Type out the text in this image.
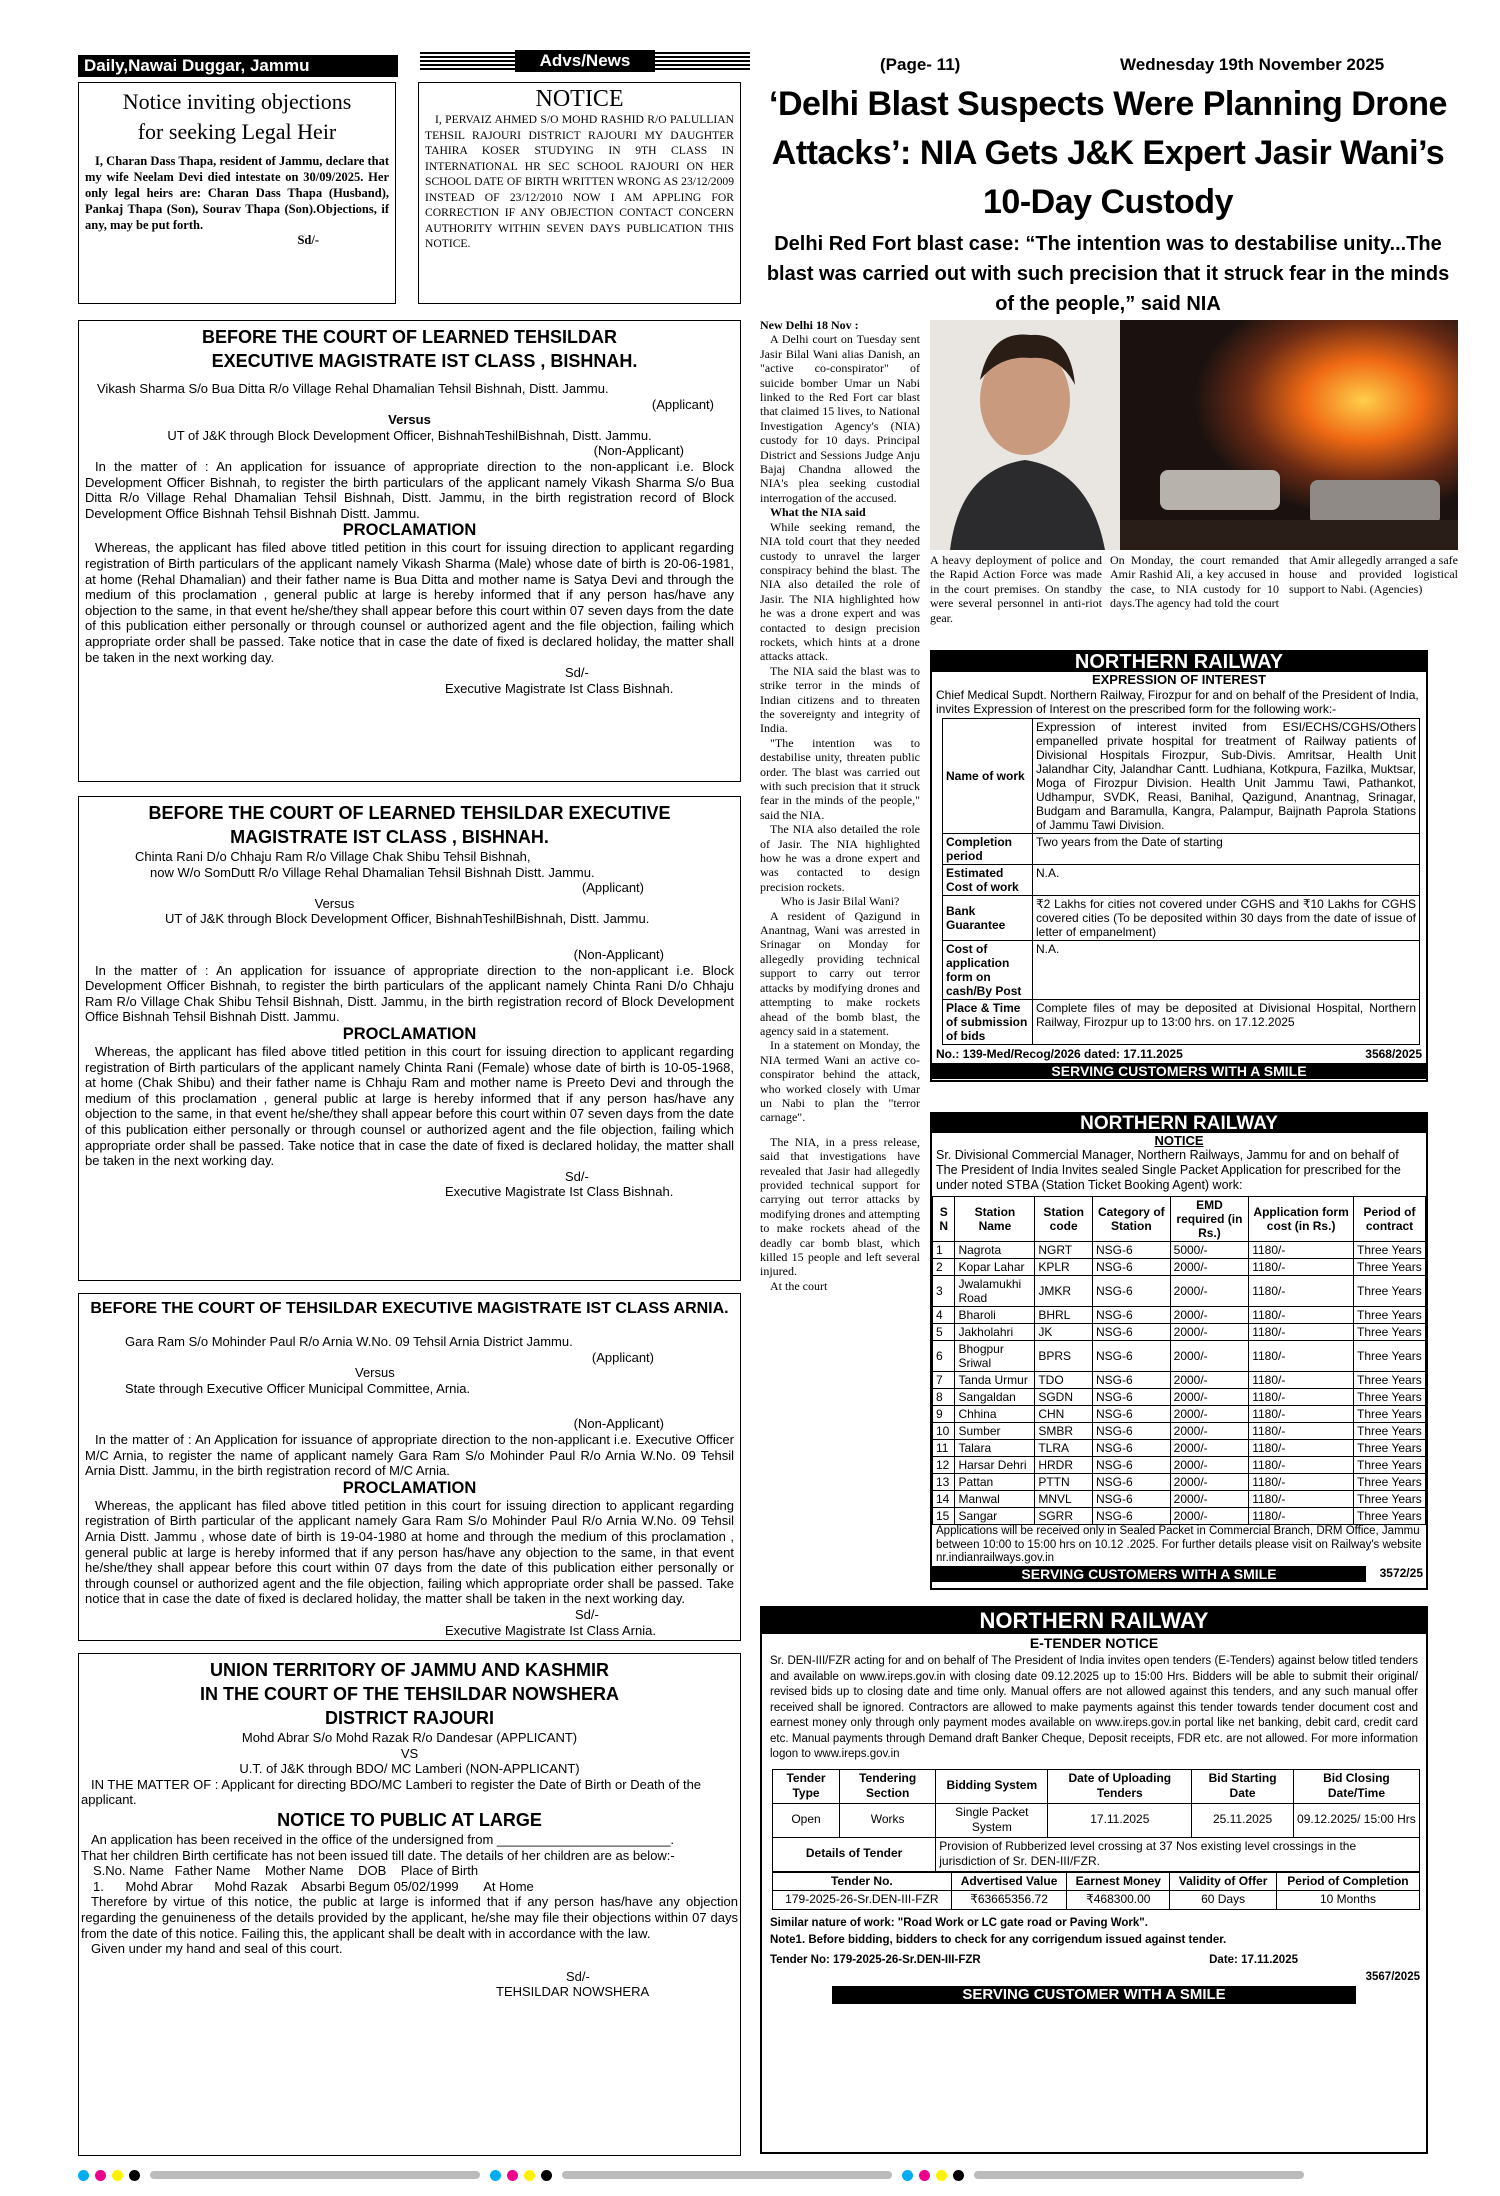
Daily,Nawai Duggar, Jammu	Advs/News	(Page- 11)	Wednesday 19th November 2025
Notice inviting objections
for seeking Legal Heir

I, Charan Dass Thapa, resident of Jammu, declare that my wife Neelam Devi died intestate on 30/09/2025. Her only legal heirs are: Charan Dass Thapa (Husband), Pankaj Thapa (Son), Sourav Thapa (Son).Objections, if any, may be put forth.

Sd/-

NOTICE

I, PERVAIZ AHMED S/O MOHD RASHID R/O PALULLIAN TEHSIL RAJOURI DISTRICT RAJOURI MY DAUGHTER TAHIRA KOSER STUDYING IN 9TH CLASS IN INTERNATIONAL HR SEC SCHOOL RAJOURI ON HER SCHOOL DATE OF BIRTH WRITTEN WRONG AS 23/12/2009 INSTEAD OF 23/12/2010 NOW I AM APPLING FOR CORRECTION IF ANY OBJECTION CONTACT CONCERN AUTHORITY WITHIN SEVEN DAYS PUBLICATION THIS NOTICE.

BEFORE THE COURT OF LEARNED TEHSILDAR
EXECUTIVE MAGISTRATE IST CLASS , BISHNAH.

Vikash Sharma S/o Bua Ditta R/o Village Rehal Dhamalian Tehsil Bishnah, Distt. Jammu.

(Applicant)

Versus

UT of J&K through Block Development Officer, BishnahTeshilBishnah, Distt. Jammu.

(Non-Applicant)

In the matter of : An application for issuance of appropriate direction to the non-applicant i.e. Block Development Officer Bishnah, to register the birth particulars of the applicant namely Vikash Sharma S/o Bua Ditta R/o Village Rehal Dhamalian Tehsil Bishnah, Distt. Jammu, in the birth registration record of Block Development Office Bishnah Tehsil Bishnah Distt. Jammu.

PROCLAMATION

Whereas, the applicant has filed above titled petition in this court for issuing direction to applicant regarding registration of Birth particulars of the applicant namely Vikash Sharma (Male) whose date of birth is 20-06-1981, at home (Rehal Dhamalian) and their father name is Bua Ditta and mother name is Satya Devi and through the medium of this proclamation , general public at large is hereby informed that if any person has/have any objection to the same, in that event he/she/they shall appear before this court within 07 seven days from the date of this publication either personally or through counsel or authorized agent and the file objection, failing which appropriate order shall be passed. Take notice that in case the date of fixed is declared holiday, the matter shall be taken in the next working day.

Sd/-

Executive Magistrate Ist Class Bishnah.

BEFORE THE COURT OF LEARNED TEHSILDAR EXECUTIVE
MAGISTRATE IST CLASS , BISHNAH.

Chinta Rani D/o Chhaju Ram R/o Village Chak Shibu Tehsil Bishnah,

now W/o SomDutt R/o Village Rehal Dhamalian Tehsil Bishnah Distt. Jammu.

(Applicant)

Versus

UT of J&K through Block Development Officer, BishnahTeshilBishnah, Distt. Jammu.

(Non-Applicant)

In the matter of : An application for issuance of appropriate direction to the non-applicant i.e. Block Development Officer Bishnah, to register the birth particulars of the applicant namely Chinta Rani D/o Chhaju Ram R/o Village Chak Shibu Tehsil Bishnah, Distt. Jammu, in the birth registration record of Block Development Office Bishnah Tehsil Bishnah Distt. Jammu.

PROCLAMATION

Whereas, the applicant has filed above titled petition in this court for issuing direction to applicant regarding registration of Birth particulars of the applicant namely Chinta Rani (Female) whose date of birth is 10-05-1968, at home (Chak Shibu) and their father name is Chhaju Ram and mother name is Preeto Devi and through the medium of this proclamation , general public at large is hereby informed that if any person has/have any objection to the same, in that event he/she/they shall appear before this court within 07 seven days from the date of this publication either personally or through counsel or authorized agent and the file objection, failing which appropriate order shall be passed. Take notice that in case the date of fixed is declared holiday, the matter shall be taken in the next working day.

Sd/-

Executive Magistrate Ist Class Bishnah.

BEFORE THE COURT OF TEHSILDAR EXECUTIVE MAGISTRATE IST CLASS ARNIA.

Gara Ram S/o Mohinder Paul R/o Arnia W.No. 09 Tehsil Arnia District Jammu.

(Applicant)

Versus

State through Executive Officer Municipal Committee, Arnia.

(Non-Applicant)

In the matter of : An Application for issuance of appropriate direction to the non-applicant i.e. Executive Officer M/C Arnia, to register the name of applicant namely Gara Ram S/o Mohinder Paul R/o Arnia W.No. 09 Tehsil Arnia Distt. Jammu, in the birth registration record of M/C Arnia.

PROCLAMATION

Whereas, the applicant has filed above titled petition in this court for issuing direction to applicant regarding registration of Birth particular of the applicant namely Gara Ram S/o Mohinder Paul R/o Arnia W.No. 09 Tehsil Arnia Distt. Jammu , whose date of birth is 19-04-1980 at home and through the medium of this proclamation , general public at large is hereby informed that if any person has/have any objection to the same, in that event he/she/they shall appear before this court within 07 days from the date of this publication either personally or through counsel or authorized agent and the file objection, failing which appropriate order shall be passed. Take notice that in case the date of fixed is declared holiday, the matter shall be taken in the next working day.

Sd/-

Executive Magistrate Ist Class Arnia.

UNION TERRITORY OF JAMMU AND KASHMIR
IN THE COURT OF THE TEHSILDAR NOWSHERA
DISTRICT RAJOURI

Mohd Abrar S/o Mohd Razak R/o Dandesar (APPLICANT)

VS

U.T. of J&K through BDO/ MC Lamberi (NON-APPLICANT)

IN THE MATTER OF : Applicant for directing BDO/MC Lamberi to register the Date of Birth or Death of the applicant.

NOTICE TO PUBLIC AT LARGE

An application has been received in the office of the undersigned from ________________________.

That her children Birth certificate has not been issued till date. The details of her children are as below:-

S.No. Name   Father Name    Mother Name    DOB    Place of Birth

1.      Mohd Abrar      Mohd Razak    Absarbi Begum 05/02/1999       At Home

Therefore by virtue of this notice, the public at large is informed that if any person has/have any objection regarding the genuineness of the details provided by the applicant, he/she may file their objections within 07 days from the date of this notice. Failing this, the applicant shall be dealt with in accordance with the law.

Given under my hand and seal of this court.

Sd/-

TEHSILDAR NOWSHERA

‘Delhi Blast Suspects Were Planning Drone Attacks’: NIA Gets J&K Expert Jasir Wani’s 10-Day Custody
Delhi Red Fort blast case: “The intention was to destabilise unity...The blast was carried out with such precision that it struck fear in the minds of the people,” said NIA

New Delhi 18 Nov :

A Delhi court on Tuesday sent Jasir Bilal Wani alias Danish, an "active co-conspirator" of suicide bomber Umar un Nabi linked to the Red Fort car blast that claimed 15 lives, to National Investigation Agency's (NIA) custody for 10 days. Principal District and Sessions Judge Anju Bajaj Chandna allowed the NIA's plea seeking custodial interrogation of the accused.

What the NIA said

While seeking remand, the NIA told court that they needed custody to unravel the larger conspiracy behind the blast. The NIA also detailed the role of Jasir. The NIA highlighted how he was a drone expert and was contacted to design precision rockets, which hints at a drone attacks attack.

The NIA said the blast was to strike terror in the minds of Indian citizens and to threaten the sovereignty and integrity of India.

"The intention was to destabilise unity, threaten public order. The blast was carried out with such precision that it struck fear in the minds of the people," said the NIA.

The NIA also detailed the role of Jasir. The NIA highlighted how he was a drone expert and was contacted to design precision rockets.

Who is Jasir Bilal Wani?

A resident of Qazigund in Anantnag, Wani was arrested in Srinagar on Monday for allegedly providing technical support to carry out terror attacks by modifying drones and attempting to make rockets ahead of the bomb blast, the agency said in a statement.

In a statement on Monday, the NIA termed Wani an active co-conspirator behind the attack, who worked closely with Umar un Nabi to plan the "terror carnage".

The NIA, in a press release, said that investigations have revealed that Jasir had allegedly provided technical support for carrying out terror attacks by modifying drones and attempting to make rockets ahead of the deadly car bomb blast, which killed 15 people and left several injured.

At the court

A heavy deployment of police and the Rapid Action Force was made in the court premises. On standby were several personnel in anti-riot gear.
On Monday, the court remanded Amir Rashid Ali, a key accused in the case, to NIA custody for 10 days.The agency had told the court that Amir allegedly arranged a safe house and provided logistical support to Nabi. (Agencies)
NORTHERN RAILWAY
EXPRESSION OF INTEREST

Chief Medical Supdt. Northern Railway, Firozpur for and on behalf of the President of India, invites Expression of Interest on the prescribed form for the following work:-

Name of work	Expression of interest invited from ESI/ECHS/CGHS/Others empanelled private hospital for treatment of Railway patients of Divisional Hospitals Firozpur, Sub-Divis. Amritsar, Health Unit Jalandhar City, Jalandhar Cantt. Ludhiana, Kotkpura, Fazilka, Muktsar, Moga of Firozpur Division. Health Unit Jammu Tawi, Pathankot, Udhampur, SVDK, Reasi, Banihal, Qazigund, Anantnag, Srinagar, Budgam and Baramulla, Kangra, Palampur, Baijnath Paprola Stations of Jammu Tawi Division.
Completion period	Two years from the Date of starting
Estimated Cost of work	N.A.
Bank Guarantee	₹2 Lakhs for cities not covered under CGHS and ₹10 Lakhs for CGHS covered cities (To be deposited within 30 days from the date of issue of letter of empanelment)
Cost of application form on cash/By Post	N.A.
Place & Time of submission of bids	Complete files of may be deposited at Divisional Hospital, Northern Railway, Firozpur up to 13:00 hrs. on 17.12.2025
No.: 139-Med/Recog/2026 dated: 17.11.2025	3568/2025
SERVING CUSTOMERS WITH A SMILE
NORTHERN RAILWAY
NOTICE

Sr. Divisional Commercial Manager, Northern Railways, Jammu for and on behalf of The President of India Invites sealed Single Packet Application for prescribed for the under noted STBA (Station Ticket Booking Agent) work:

S N	Station Name	Station code	Category of Station	EMD required (in Rs.)	Application form cost (in Rs.)	Period of contract
1	Nagrota	NGRT	NSG-6	5000/-	1180/-	Three Years
2	Kopar Lahar	KPLR	NSG-6	2000/-	1180/-	Three Years
3	Jwalamukhi Road	JMKR	NSG-6	2000/-	1180/-	Three Years
4	Bharoli	BHRL	NSG-6	2000/-	1180/-	Three Years
5	Jakholahri	JK	NSG-6	2000/-	1180/-	Three Years
6	Bhogpur Sriwal	BPRS	NSG-6	2000/-	1180/-	Three Years
7	Tanda Urmur	TDO	NSG-6	2000/-	1180/-	Three Years
8	Sangaldan	SGDN	NSG-6	2000/-	1180/-	Three Years
9	Chhina	CHN	NSG-6	2000/-	1180/-	Three Years
10	Sumber	SMBR	NSG-6	2000/-	1180/-	Three Years
11	Talara	TLRA	NSG-6	2000/-	1180/-	Three Years
12	Harsar Dehri	HRDR	NSG-6	2000/-	1180/-	Three Years
13	Pattan	PTTN	NSG-6	2000/-	1180/-	Three Years
14	Manwal	MNVL	NSG-6	2000/-	1180/-	Three Years
15	Sangar	SGRR	NSG-6	2000/-	1180/-	Three Years

Applications will be received only in Sealed Packet in Commercial Branch, DRM Office, Jammu between 10:00 to 15:00 hrs on 10.12 .2025. For further details please visit on Railway's website nr.indianrailways.gov.in

SERVING CUSTOMERS WITH A SMILE	3572/25
NORTHERN RAILWAY
E-TENDER NOTICE

Sr. DEN-III/FZR acting for and on behalf of The President of India invites open tenders (E-Tenders) against below titled tenders and available on www.ireps.gov.in with closing date 09.12.2025 up to 15:00 Hrs. Bidders will be able to submit their original/ revised bids up to closing date and time only. Manual offers are not allowed against this tenders, and any such manual offer received shall be ignored. Contractors are allowed to make payments against this tender towards tender document cost and earnest money only through only payment modes available on www.ireps.gov.in portal like net banking, debit card, credit card etc. Manual payments through Demand draft Banker Cheque, Deposit receipts, FDR etc. are not allowed. For more information logon to www.ireps.gov.in

Tender Type	Tendering Section	Bidding System	Date of Uploading Tenders	Bid Starting Date	Bid Closing Date/Time
Open	Works	Single Packet System	17.11.2025	25.11.2025	09.12.2025/ 15:00 Hrs
Details of Tender		Provision of Rubberized level crossing at 37 Nos existing level crossings in the jurisdiction of Sr. DEN-III/FZR.			
Tender No.	Advertised Value	Earnest Money	Validity of Offer	Period of Completion
179-2025-26-Sr.DEN-III-FZR	₹63665356.72	₹468300.00	60 Days	10 Months

Similar nature of work: "Road Work or LC gate road or Paving Work".

Note1. Before bidding, bidders to check for any corrigendum issued against tender.

Tender No: 179-2025-26-Sr.DEN-III-FZR	Date: 17.11.2025
3567/2025
SERVING CUSTOMER WITH A SMILE
